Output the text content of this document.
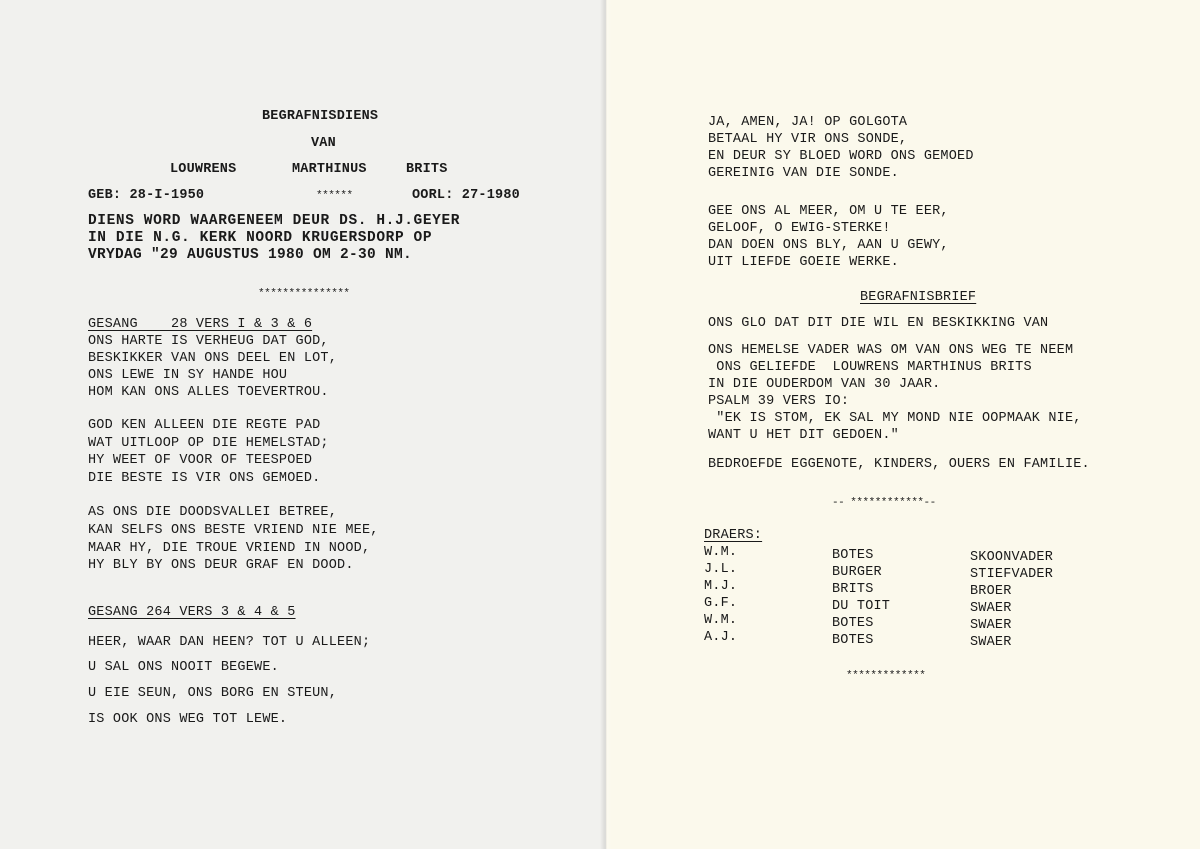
BEGRAFNISDIENS
VAN
LOUWRENS	MARTHINUS	BRITS
GEB: 28-I-1950	******	OORL: 27-1980
DIENS WORD WAARGENEEM DEUR DS. H.J.GEYER
IN DIE N.G. KERK NOORD KRUGERSDORP OP
VRYDAG "29 AUGUSTUS 1980 OM 2-30 NM.
***************
GESANG    28 VERS I & 3 & 6
ONS HARTE IS VERHEUG DAT GOD,
BESKIKKER VAN ONS DEEL EN LOT,
ONS LEWE IN SY HANDE HOU
HOM KAN ONS ALLES TOEVERTROU.
GOD KEN ALLEEN DIE REGTE PAD
WAT UITLOOP OP DIE HEMELSTAD;
HY WEET OF VOOR OF TEESPOED
DIE BESTE IS VIR ONS GEMOED.
AS ONS DIE DOODSVALLEI BETREE,
KAN SELFS ONS BESTE VRIEND NIE MEE,
MAAR HY, DIE TROUE VRIEND IN NOOD,
HY BLY BY ONS DEUR GRAF EN DOOD.
GESANG 264 VERS 3 & 4 & 5
HEER, WAAR DAN HEEN? TOT U ALLEEN;
U SAL ONS NOOIT BEGEWE.
U EIE SEUN, ONS BORG EN STEUN,
IS OOK ONS WEG TOT LEWE.
JA, AMEN, JA! OP GOLGOTA
BETAAL HY VIR ONS SONDE,
EN DEUR SY BLOED WORD ONS GEMOED
GEREINIG VAN DIE SONDE.
GEE ONS AL MEER, OM U TE EER,
GELOOF, O EWIG-STERKE!
DAN DOEN ONS BLY, AAN U GEWY,
UIT LIEFDE GOEIE WERKE.
BEGRAFNISBRIEF
ONS GLO DAT DIT DIE WIL EN BESKIKKING VAN
ONS HEMELSE VADER WAS OM VAN ONS WEG TE NEEM
ONS GELIEFDE  LOUWRENS MARTHINUS BRITS
IN DIE OUDERDOM VAN 30 JAAR.
PSALM 39 VERS IO:
"EK IS STOM, EK SAL MY MOND NIE OOPMAAK NIE,
WANT U HET DIT GEDOEN."
BEDROEFDE EGGENOTE, KINDERS, OUERS EN FAMILIE.
-- ************--
DRAERS:
W.M.	BOTES	SKOONVADER
J.L.	BURGER	STIEFVADER
M.J.	BRITS	BROER
G.F.	DU TOIT	SWAER
W.M.	BOTES	SWAER
A.J.	BOTES	SWAER
*************
